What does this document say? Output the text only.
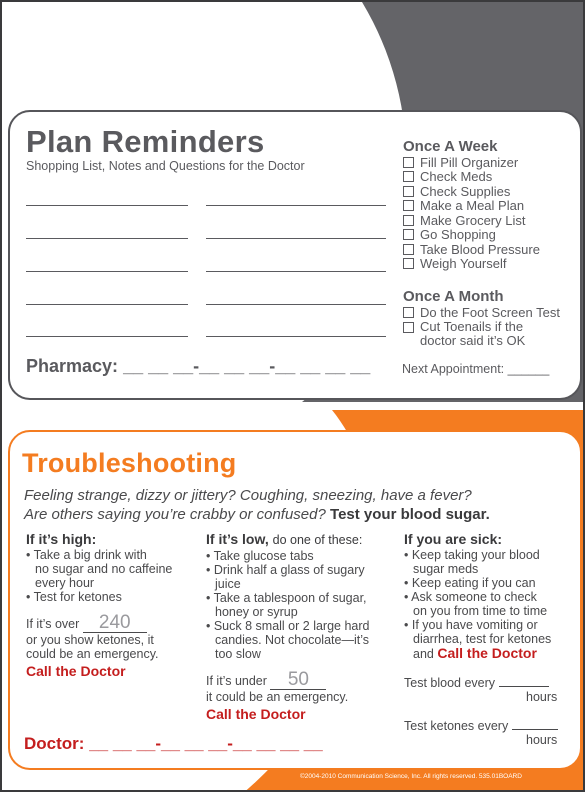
Plan Reminders
Shopping List, Notes and Questions for the Doctor
Once A Week
Fill Pill Organizer
Check Meds
Check Supplies
Make a Meal Plan
Make Grocery List
Go Shopping
Take Blood Pressure
Weigh Yourself
Once A Month
Do the Foot Screen Test
Cut Toenails if the
doctor said it’s OK
Pharmacy: __ __ __-__ __ __-__ __ __ __	Next Appointment: ______
Troubleshooting
Feeling strange, dizzy or jittery? Coughing, sneezing, have a fever?
Are others saying you’re crabby or confused? Test your blood sugar.
If it’s high:
• Take a big drink with
no sugar and no caffeine
every hour
• Test for ketones
If it’s over 240
or you show ketones, it
could be an emergency.
Call the Doctor
If it’s low, do one of these:
• Take glucose tabs
• Drink half a glass of sugary
juice
• Take a tablespoon of sugar,
honey or syrup
• Suck 8 small or 2 large hard
candies. Not chocolate—it’s
too slow
If it’s under 50
it could be an emergency.
Call the Doctor
If you are sick:
• Keep taking your blood
sugar meds
• Keep eating if you can
• Ask someone to check
on you from time to time
• If you have vomiting or
diarrhea, test for ketones
and Call the Doctor
Test blood every
hours
Test ketones every
hours
Doctor: __ __ __-__ __ __-__ __ __ __
©2004-2010 Communication Science, Inc. All rights reserved. 535.01BOARD
